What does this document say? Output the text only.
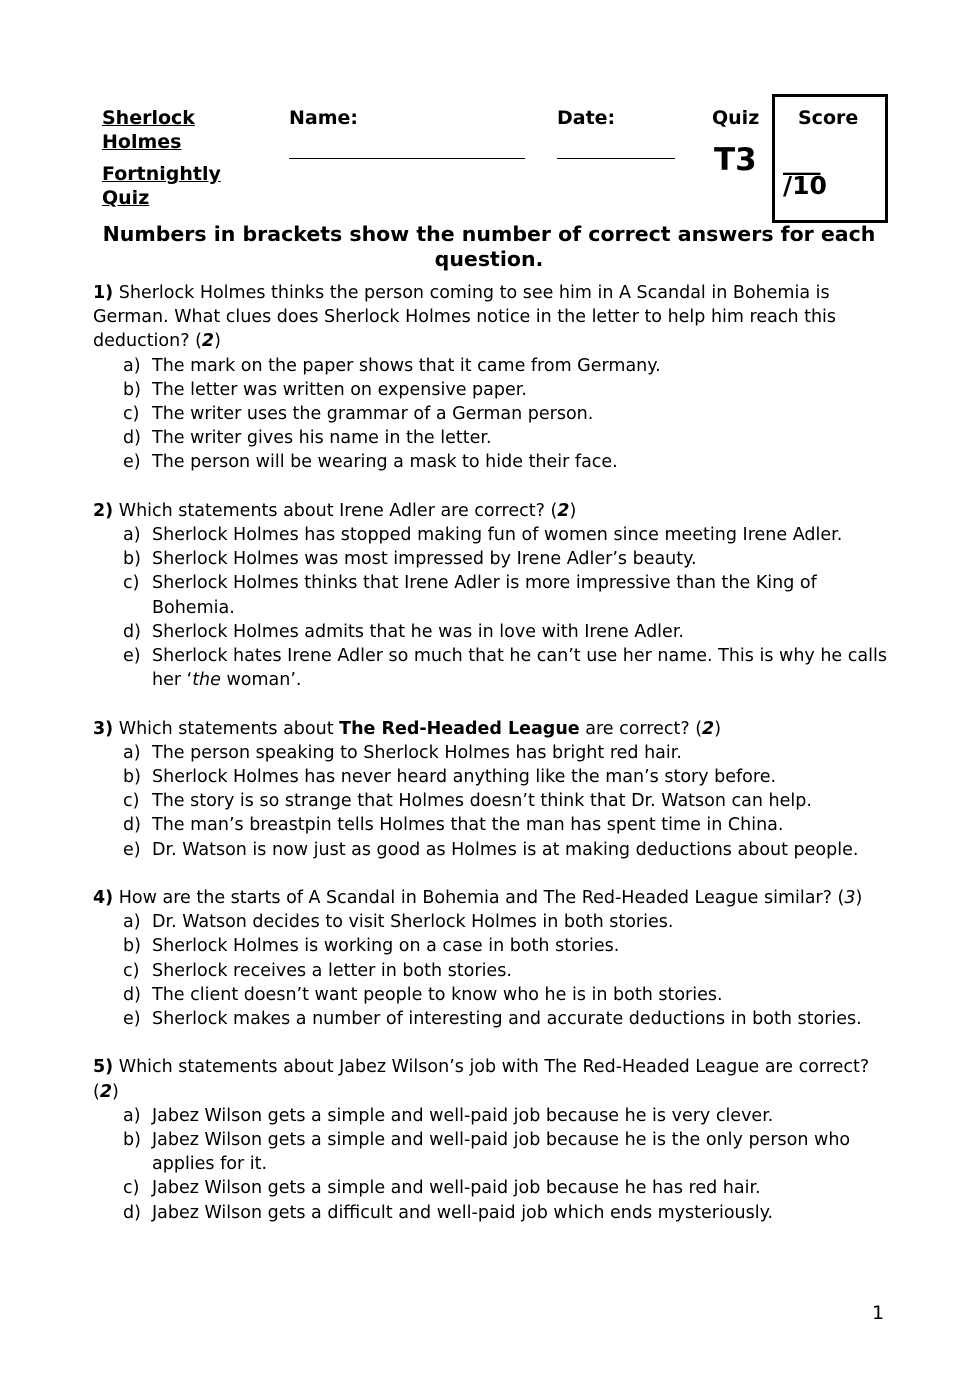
Sherlock Holmes
Fortnightly Quiz
Name:	Date:	Quiz
T3
Score
___
/10
Numbers in brackets show the number of correct answers for each question.

1) Sherlock Holmes thinks the person coming to see him in A Scandal in Bohemia is German. What clues does Sherlock Holmes notice in the letter to help him reach this deduction? (2)

a) The mark on the paper shows that it came from Germany.
b) The letter was written on expensive paper.
c) The writer uses the grammar of a German person.
d) The writer gives his name in the letter.
e) The person will be wearing a mask to hide their face.

2) Which statements about Irene Adler are correct? (2)

a) Sherlock Holmes has stopped making fun of women since meeting Irene Adler.
b) Sherlock Holmes was most impressed by Irene Adler’s beauty.
c) Sherlock Holmes thinks that Irene Adler is more impressive than the King of Bohemia.
d) Sherlock Holmes admits that he was in love with Irene Adler.
e) Sherlock hates Irene Adler so much that he can’t use her name. This is why he calls her ‘the woman’.

3) Which statements about The Red-Headed League are correct? (2)

a) The person speaking to Sherlock Holmes has bright red hair.
b) Sherlock Holmes has never heard anything like the man’s story before.
c) The story is so strange that Holmes doesn’t think that Dr. Watson can help.
d) The man’s breastpin tells Holmes that the man has spent time in China.
e) Dr. Watson is now just as good as Holmes is at making deductions about people.

4) How are the starts of A Scandal in Bohemia and The Red-Headed League similar? (3)

a) Dr. Watson decides to visit Sherlock Holmes in both stories.
b) Sherlock Holmes is working on a case in both stories.
c) Sherlock receives a letter in both stories.
d) The client doesn’t want people to know who he is in both stories.
e) Sherlock makes a number of interesting and accurate deductions in both stories.

5) Which statements about Jabez Wilson’s job with The Red-Headed League are correct? (2)

a) Jabez Wilson gets a simple and well-paid job because he is very clever.
b) Jabez Wilson gets a simple and well-paid job because he is the only person who applies for it.
c) Jabez Wilson gets a simple and well-paid job because he has red hair.
d) Jabez Wilson gets a difficult and well-paid job which ends mysteriously.
1
